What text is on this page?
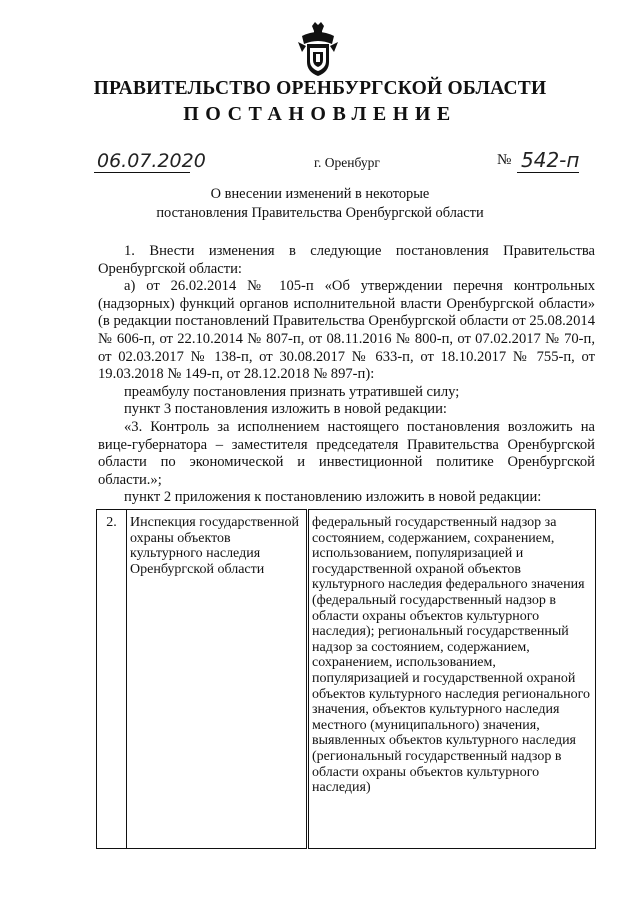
ПРАВИТЕЛЬСТВО ОРЕНБУРГСКОЙ ОБЛАСТИ
ПОСТАНОВЛЕНИЕ
06.07.2020	г. Оренбург	№ 542-п
О внесении изменений в некоторые
постановления Правительства Оренбургской области

1. Внести изменения в следующие постановления Правительства Оренбургской области:

а) от 26.02.2014 № 105-п «Об утверждении перечня контрольных (надзорных) функций органов исполнительной власти Оренбургской области» (в редакции постановлений Правительства Оренбургской области от 25.08.2014 № 606-п, от 22.10.2014 № 807-п, от 08.11.2016 № 800-п, от 07.02.2017 № 70-п, от 02.03.2017 № 138-п, от 30.08.2017 № 633-п, от 18.10.2017 № 755-п, от 19.03.2018 № 149-п, от 28.12.2018 № 897-п):

преамбулу постановления признать утратившей силу;

пункт 3 постановления изложить в новой редакции:

«3. Контроль за исполнением настоящего постановления возложить на вице-губернатора – заместителя председателя Правительства Оренбургской области по экономической и инвестиционной политике Оренбургской области.»;

пункт 2 приложения к постановлению изложить в новой редакции:

2.	Инспекция государственной охраны объектов культурного наследия Оренбургской области	федеральный государственный надзор за состоянием, содержанием, сохранением, использованием, популяризацией и государственной охраной объектов культурного наследия федерального значения (федеральный государственный надзор в области охраны объектов культурного наследия); региональный государственный надзор за состоянием, содержанием, сохранением, использованием, популяризацией и государственной охраной объектов культурного наследия регионального значения, объектов культурного наследия местного (муниципального) значения, выявленных объектов культурного наследия (региональный государственный надзор в области охраны объектов культурного наследия)
